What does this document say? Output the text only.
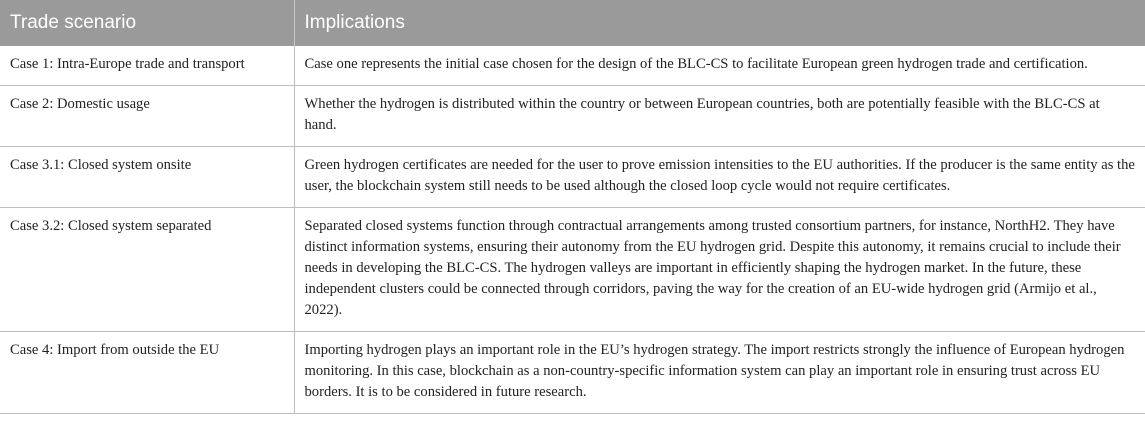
Trade scenario	Implications
Case 1: Intra-Europe trade and transport	Case one represents the initial case chosen for the design of the BLC-CS to facilitate European green hydrogen trade and certification.
Case 2: Domestic usage	Whether the hydrogen is distributed within the country or between European countries, both are potentially feasible with the BLC-CS at hand.
Case 3.1: Closed system onsite	Green hydrogen certificates are needed for the user to prove emission intensities to the EU authorities. If the producer is the same entity as the user, the blockchain system still needs to be used although the closed loop cycle would not require certificates.
Case 3.2: Closed system separated	Separated closed systems function through contractual arrangements among trusted consortium partners, for instance, NorthH2. They have distinct information systems, ensuring their autonomy from the EU hydrogen grid. Despite this autonomy, it remains crucial to include their needs in developing the BLC-CS. The hydrogen valleys are important in efficiently shaping the hydrogen market. In the future, these independent clusters could be connected through corridors, paving the way for the creation of an EU-wide hydrogen grid (Armijo et al., 2022).
Case 4: Import from outside the EU	Importing hydrogen plays an important role in the EU’s hydrogen strategy. The import restricts strongly the influence of European hydrogen monitoring. In this case, blockchain as a non-country-specific information system can play an important role in ensuring trust across EU borders. It is to be considered in future research.
